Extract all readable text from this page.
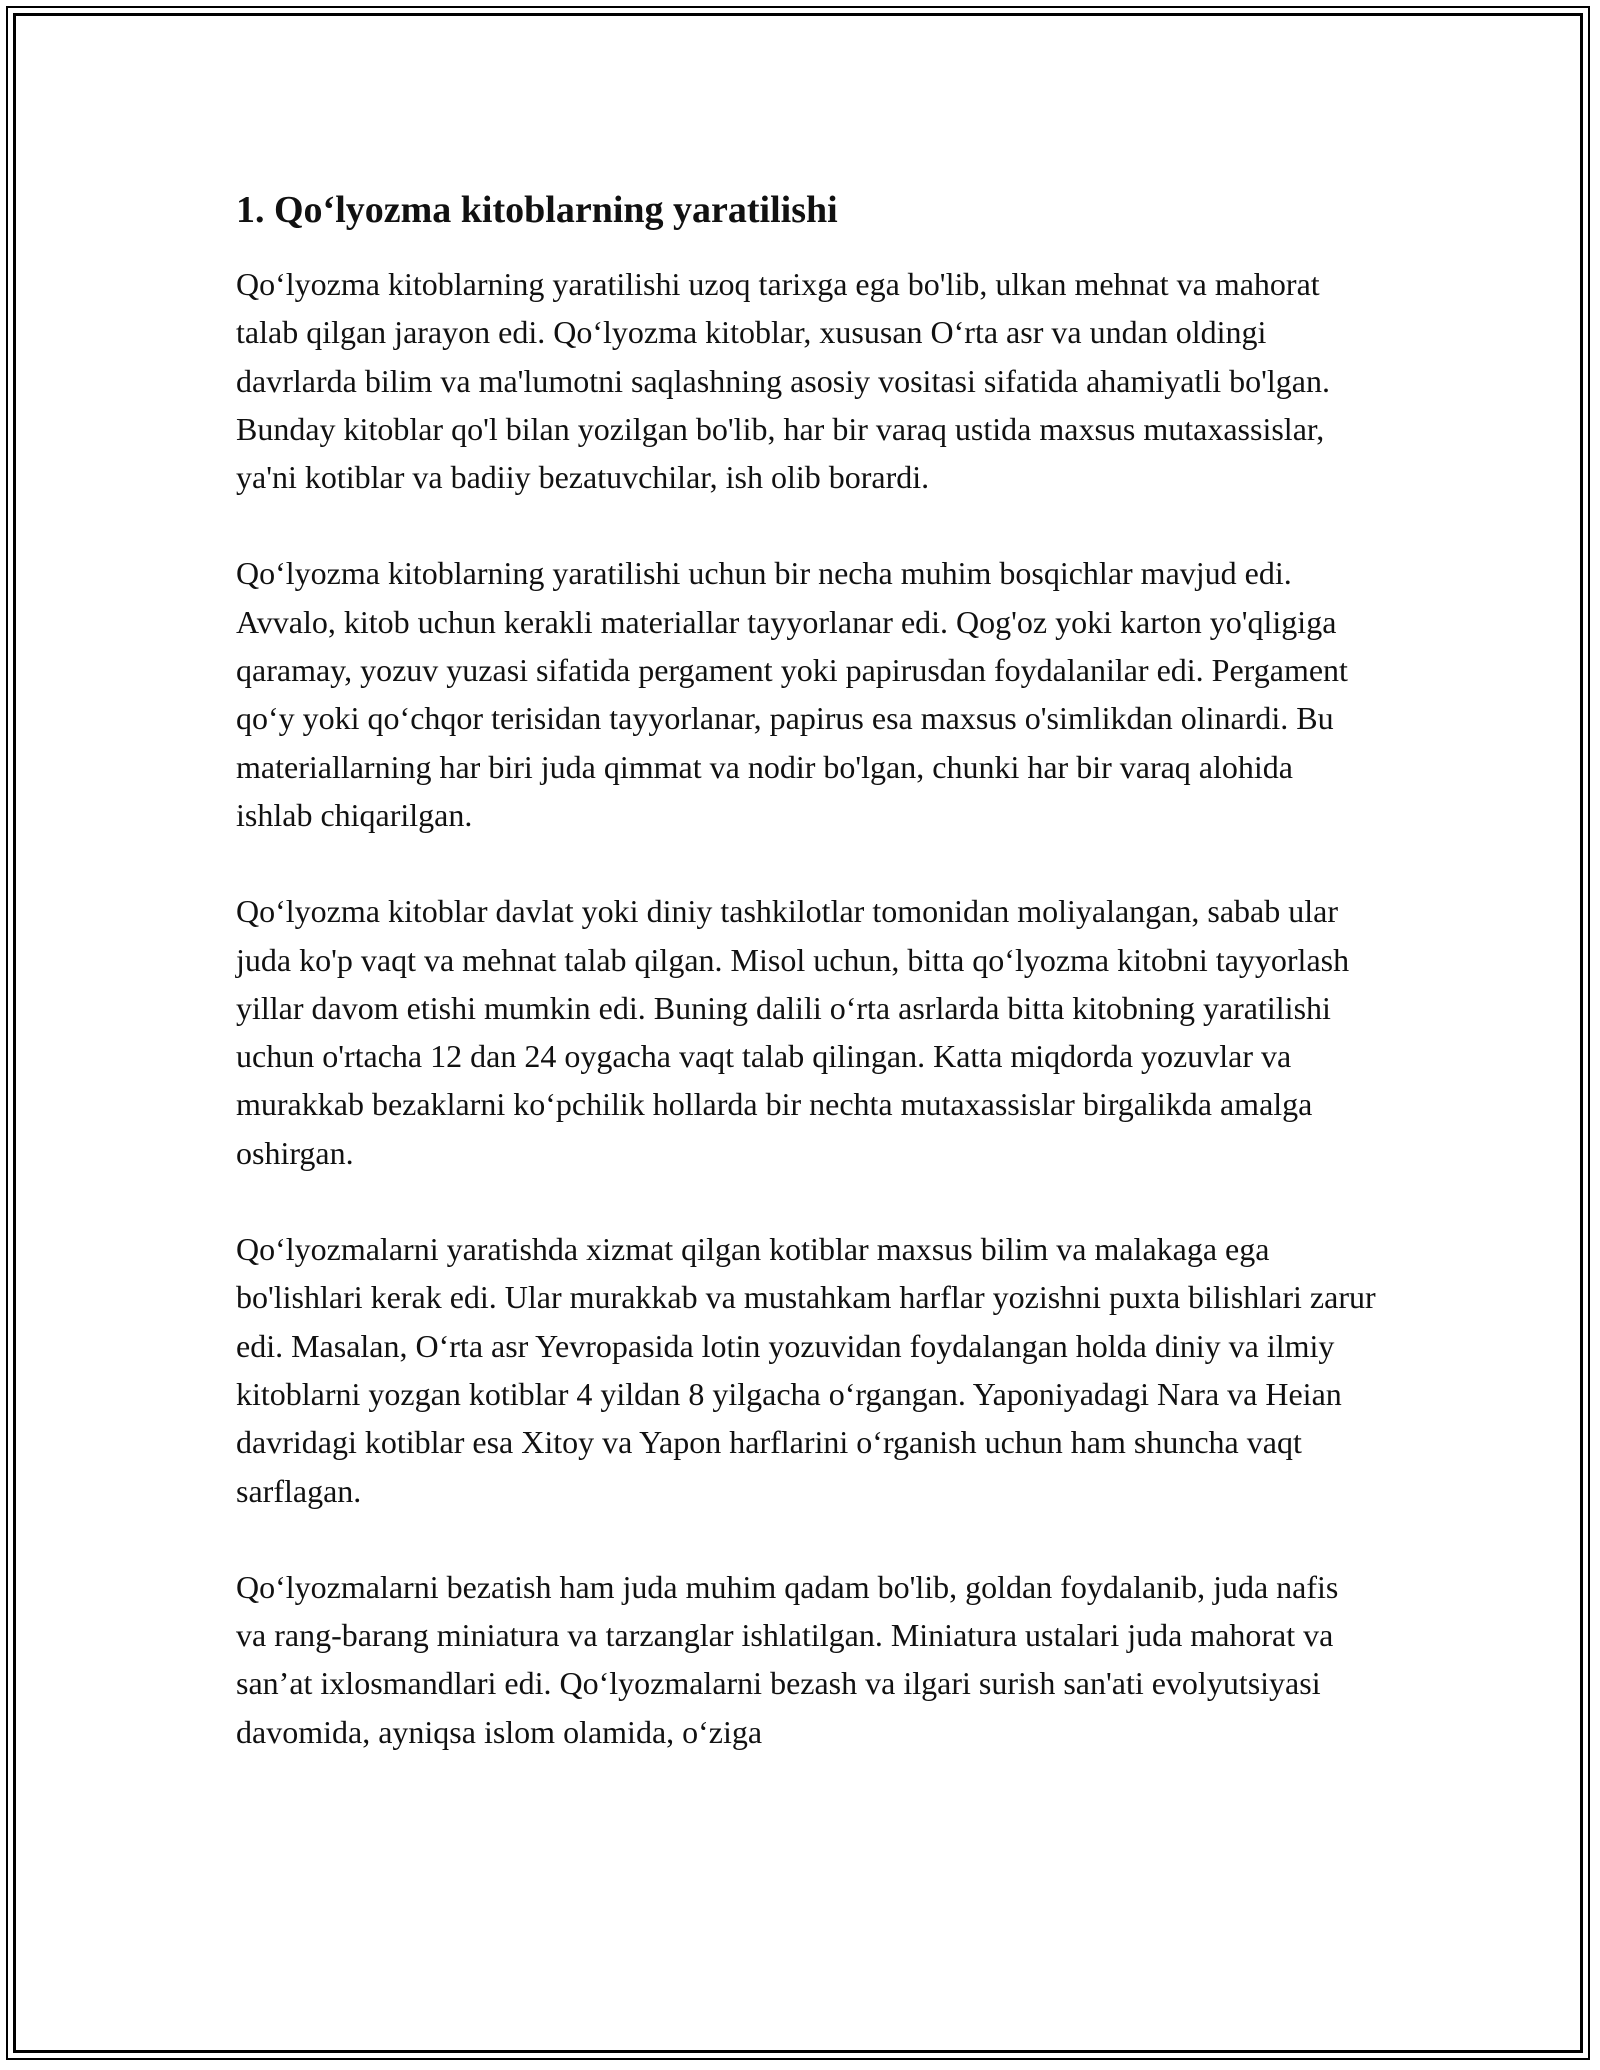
1. Qo‘lyozma kitoblarning yaratilishi

Qo‘lyozma kitoblarning yaratilishi uzoq tarixga ega bo'lib, ulkan mehnat va mahorat talab qilgan jarayon edi. Qo‘lyozma kitoblar, xususan O‘rta asr va undan oldingi davrlarda bilim va ma'lumotni saqlashning asosiy vositasi sifatida ahamiyatli bo'lgan. Bunday kitoblar qo'l bilan yozilgan bo'lib, har bir varaq ustida maxsus mutaxassislar, ya'ni kotiblar va badiiy bezatuvchilar, ish olib borardi.

Qo‘lyozma kitoblarning yaratilishi uchun bir necha muhim bosqichlar mavjud edi. Avvalo, kitob uchun kerakli materiallar tayyorlanar edi. Qog'oz yoki karton yo'qligiga qaramay, yozuv yuzasi sifatida pergament yoki papirusdan foydalanilar edi. Pergament qo‘y yoki qo‘chqor terisidan tayyorlanar, papirus esa maxsus o'simlikdan olinardi. Bu materiallarning har biri juda qimmat va nodir bo'lgan, chunki har bir varaq alohida ishlab chiqarilgan.

Qo‘lyozma kitoblar davlat yoki diniy tashkilotlar tomonidan moliyalangan, sabab ular juda ko'p vaqt va mehnat talab qilgan. Misol uchun, bitta qo‘lyozma kitobni tayyorlash yillar davom etishi mumkin edi. Buning dalili o‘rta asrlarda bitta kitobning yaratilishi uchun o'rtacha 12 dan 24 oygacha vaqt talab qilingan. Katta miqdorda yozuvlar va murakkab bezaklarni ko‘pchilik hollarda bir nechta mutaxassislar birgalikda amalga oshirgan.

Qo‘lyozmalarni yaratishda xizmat qilgan kotiblar maxsus bilim va malakaga ega bo'lishlari kerak edi. Ular murakkab va mustahkam harflar yozishni puxta bilishlari zarur edi. Masalan, O‘rta asr Yevropasida lotin yozuvidan foydalangan holda diniy va ilmiy kitoblarni yozgan kotiblar 4 yildan 8 yilgacha o‘rgangan. Yaponiyadagi Nara va Heian davridagi kotiblar esa Xitoy va Yapon harflarini o‘rganish uchun ham shuncha vaqt sarflagan.

Qo‘lyozmalarni bezatish ham juda muhim qadam bo'lib, goldan foydalanib, juda nafis va rang-barang miniatura va tarzanglar ishlatilgan. Miniatura ustalari juda mahorat va san’at ixlosmandlari edi. Qo‘lyozmalarni bezash va ilgari surish san'ati evolyutsiyasi davomida, ayniqsa islom olamida, o‘ziga
